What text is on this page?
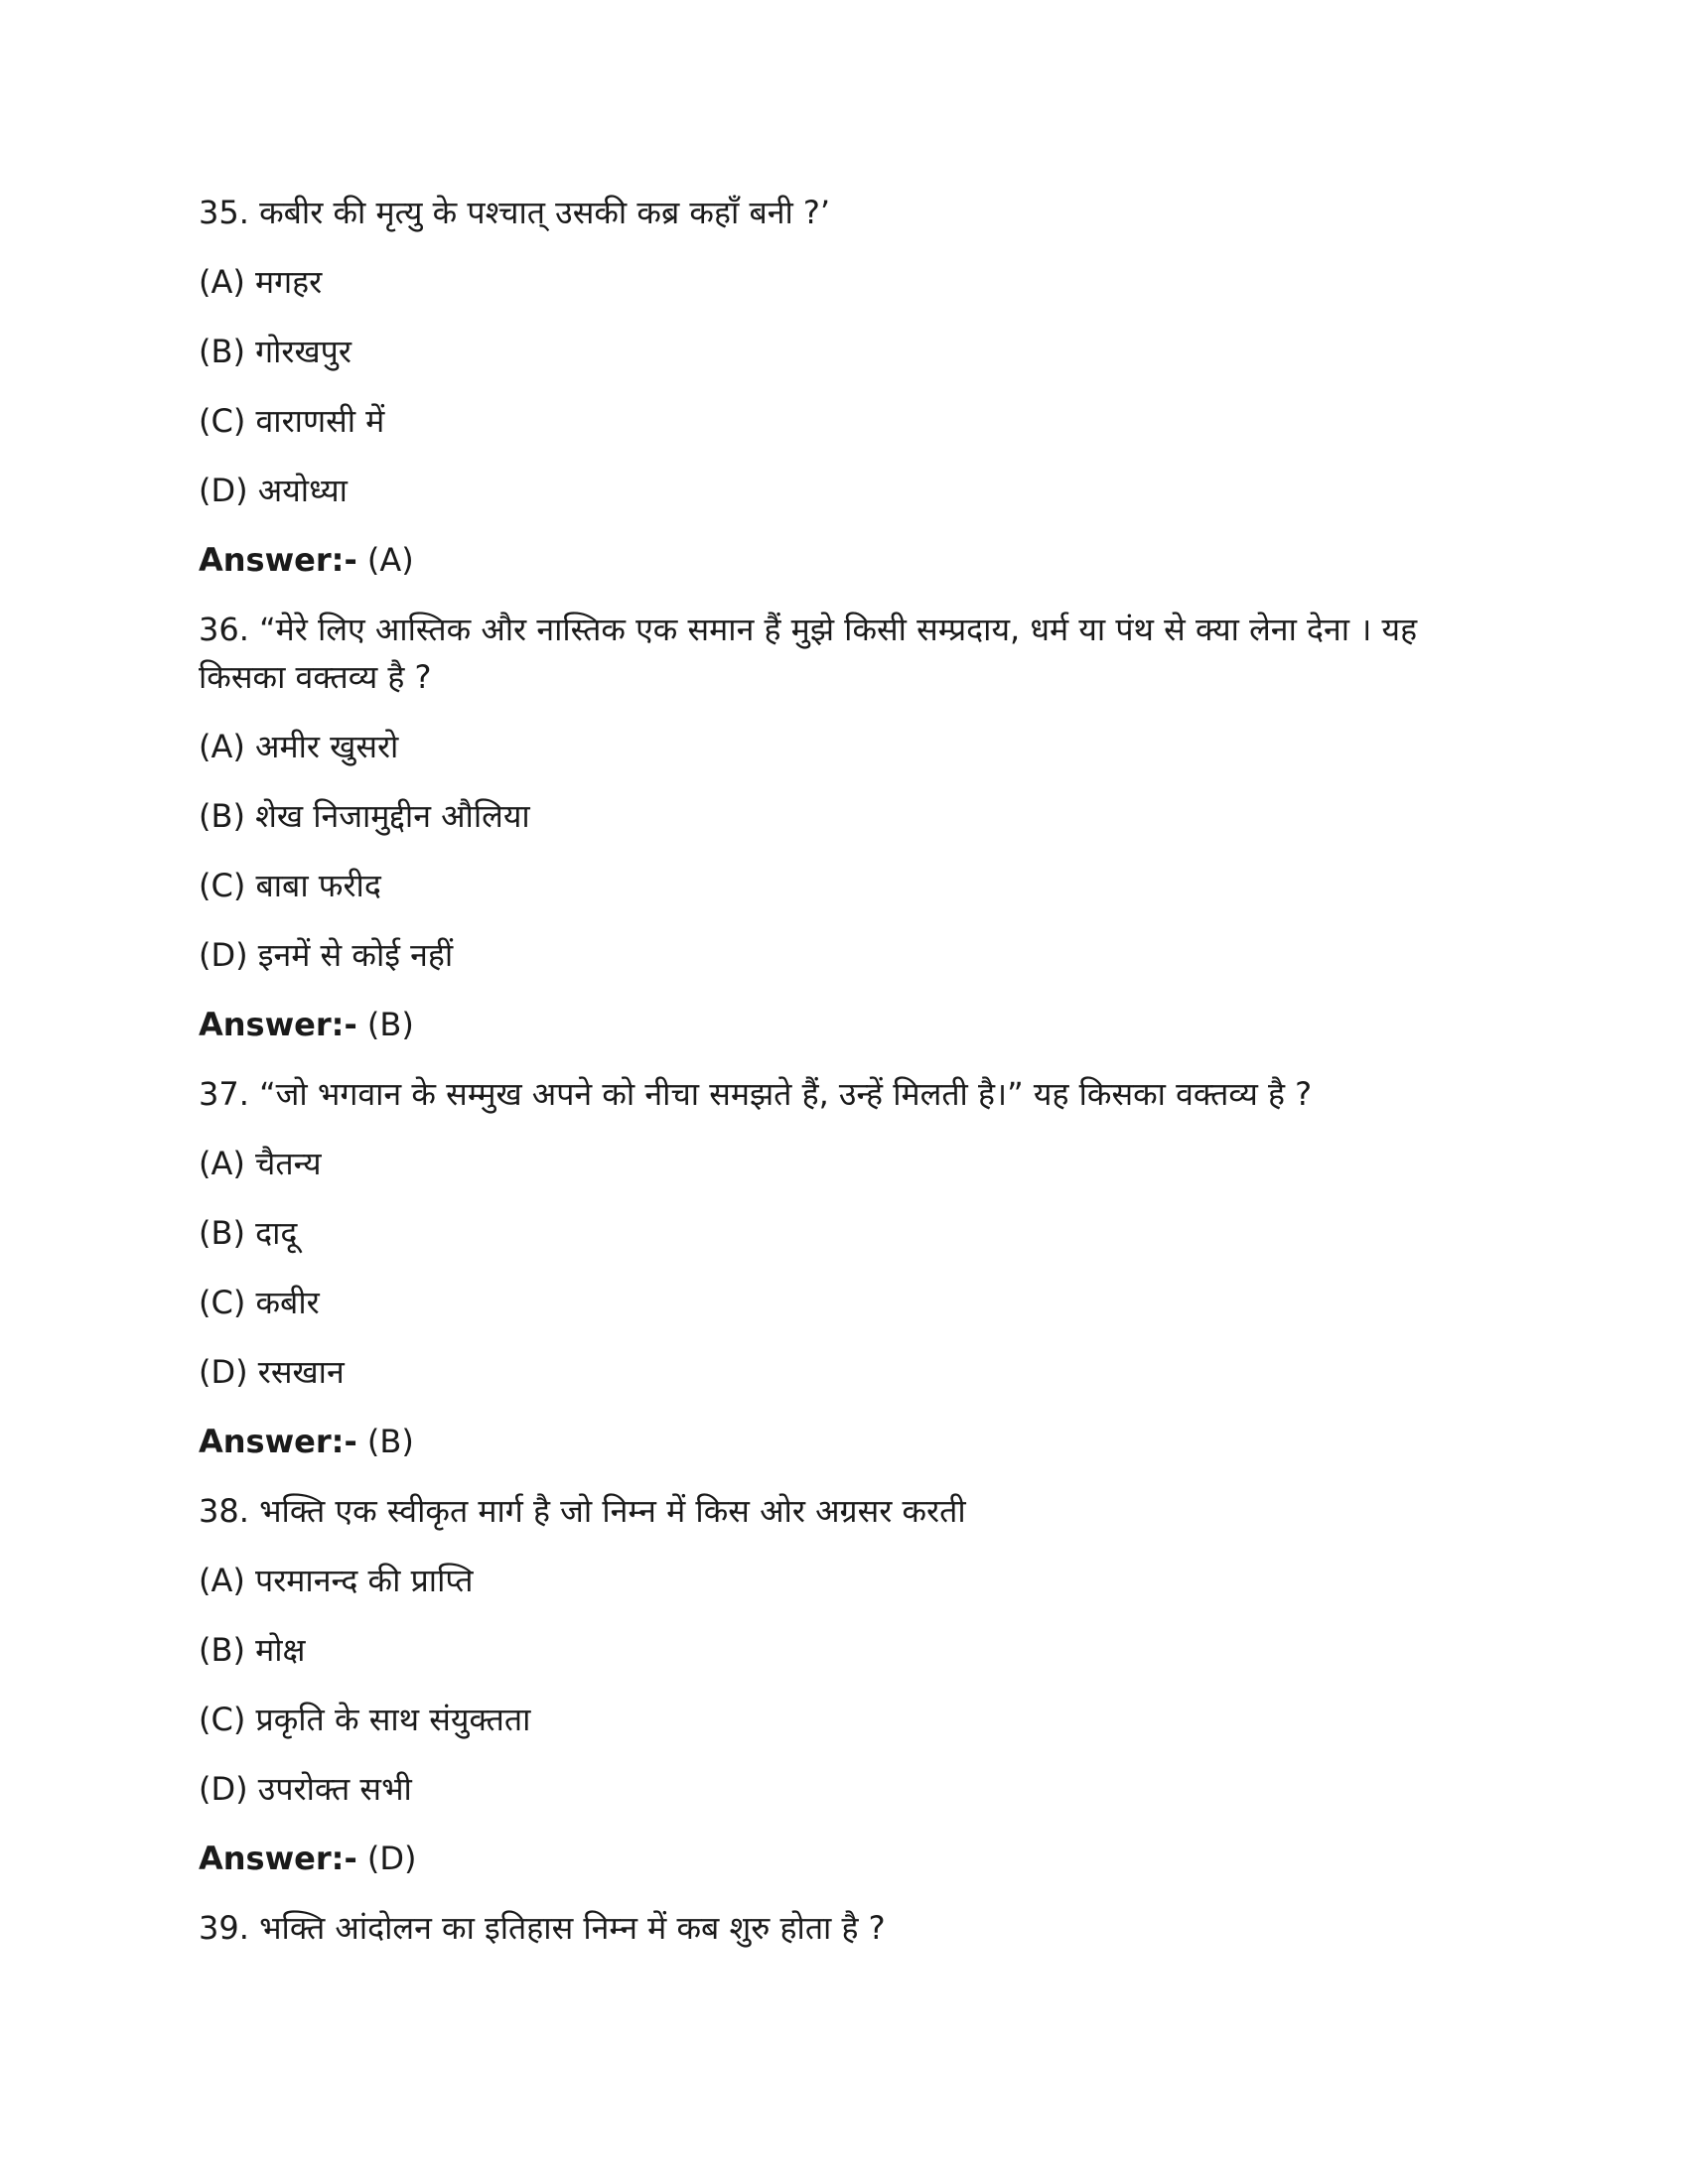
35. कबीर की मृत्यु के पश्चात् उसकी कब्र कहाँ बनी ?’

(A) मगहर

(B) गोरखपुर

(C) वाराणसी में

(D) अयोध्या

Answer:- (A)

36. “मेरे लिए आस्तिक और नास्तिक एक समान हैं मुझे किसी सम्प्रदाय, धर्म या पंथ से क्या लेना देना । यह किसका वक्तव्य है ?

(A) अमीर खुसरो

(B) शेख निजामुद्दीन औलिया

(C) बाबा फरीद

(D) इनमें से कोई नहीं

Answer:- (B)

37. “जो भगवान के सम्मुख अपने को नीचा समझते हैं, उन्हें मिलती है।” यह किसका वक्तव्य है ?

(A) चैतन्य

(B) दादू

(C) कबीर

(D) रसखान

Answer:- (B)

38. भक्ति एक स्वीकृत मार्ग है जो निम्न में किस ओर अग्रसर करती

(A) परमानन्द की प्राप्ति

(B) मोक्ष

(C) प्रकृति के साथ संयुक्तता

(D) उपरोक्त सभी

Answer:- (D)

39. भक्ति आंदोलन का इतिहास निम्न में कब शुरु होता है ?
